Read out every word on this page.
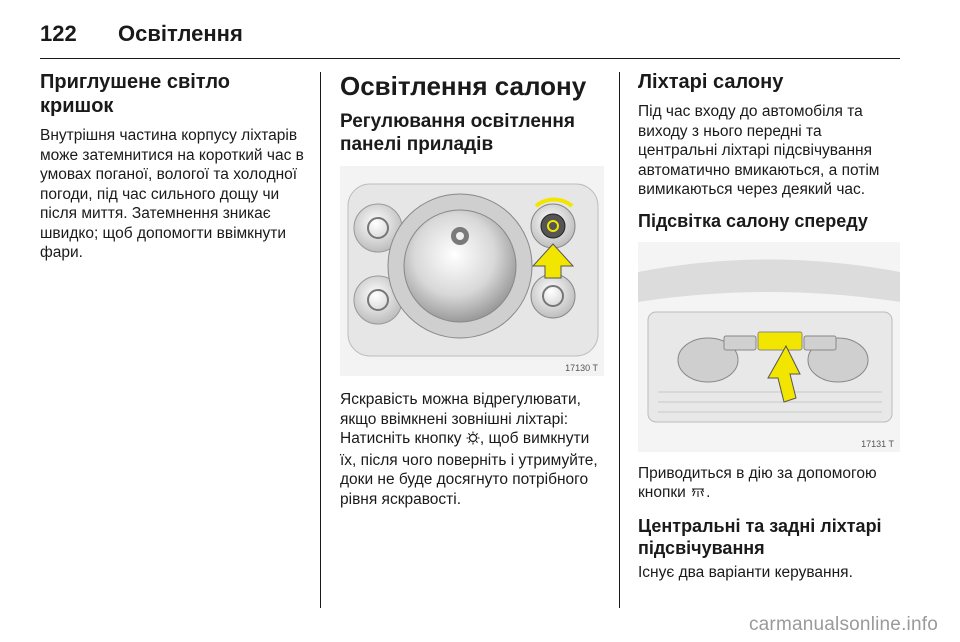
122	Освітлення
Приглушене світло кришок

Внутрішня частина корпусу ліхтарів може затемнитися на короткий час в умовах поганої, вологої та холодної погоди, під час сильного дощу чи після миття. Затемнення зникає швидко; щоб допомогти ввімкнути фари.

Освітлення салону
Регулювання освітлення панелі приладів
17130 T

Яскравість можна відрегулювати, якщо ввімкнені зовнішні ліхтарі: Натисніть кнопку , щоб вимкнути їх, після чого поверніть і утримуйте, доки не буде досягнуто потрібного рівня яскравості.

Ліхтарі салону

Під час входу до автомобіля та виходу з нього передні та центральні ліхтарі підсвічування автоматично вмикаються, а потім вимикаються через деякий час.

Підсвітка салону спереду
17131 T

Приводиться в дію за допомогою кнопки .

Центральні та задні ліхтарі підсвічування

Існує два варіанти керування.

carmanualsonline.info
